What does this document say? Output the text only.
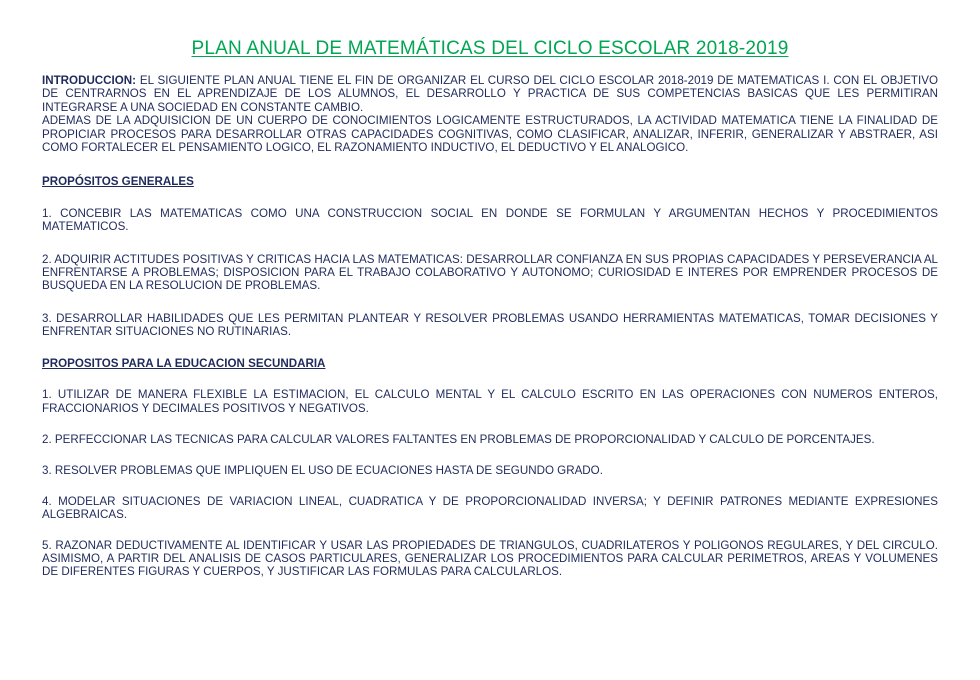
PLAN ANUAL DE MATEMÁTICAS DEL CICLO ESCOLAR 2018-2019
INTRODUCCION: EL SIGUIENTE PLAN ANUAL TIENE EL FIN DE ORGANIZAR EL CURSO DEL CICLO ESCOLAR 2018-2019 DE MATEMATICAS I. CON EL OBJETIVO DE CENTRARNOS EN EL APRENDIZAJE DE LOS ALUMNOS, EL DESARROLLO Y PRACTICA DE SUS COMPETENCIAS BASICAS QUE LES PERMITIRAN INTEGRARSE A UNA SOCIEDAD EN CONSTANTE CAMBIO.
ADEMAS DE LA ADQUISICION DE UN CUERPO DE CONOCIMIENTOS LOGICAMENTE ESTRUCTURADOS, LA ACTIVIDAD MATEMATICA TIENE LA FINALIDAD DE PROPICIAR PROCESOS PARA DESARROLLAR OTRAS CAPACIDADES COGNITIVAS, COMO CLASIFICAR, ANALIZAR, INFERIR, GENERALIZAR Y ABSTRAER, ASI COMO FORTALECER EL PENSAMIENTO LOGICO, EL RAZONAMIENTO INDUCTIVO, EL DEDUCTIVO Y EL ANALOGICO.
PROPÓSITOS GENERALES
1. CONCEBIR LAS MATEMATICAS COMO UNA CONSTRUCCION SOCIAL EN DONDE SE FORMULAN Y ARGUMENTAN HECHOS Y PROCEDIMIENTOS MATEMATICOS.
2. ADQUIRIR ACTITUDES POSITIVAS Y CRITICAS HACIA LAS MATEMATICAS: DESARROLLAR CONFIANZA EN SUS PROPIAS CAPACIDADES Y PERSEVERANCIA AL ENFRENTARSE A PROBLEMAS; DISPOSICION PARA EL TRABAJO COLABORATIVO Y AUTONOMO; CURIOSIDAD E INTERES POR EMPRENDER PROCESOS DE BUSQUEDA EN LA RESOLUCION DE PROBLEMAS.
3. DESARROLLAR HABILIDADES QUE LES PERMITAN PLANTEAR Y RESOLVER PROBLEMAS USANDO HERRAMIENTAS MATEMATICAS, TOMAR DECISIONES Y ENFRENTAR SITUACIONES NO RUTINARIAS.
PROPOSITOS PARA LA EDUCACION SECUNDARIA
1. UTILIZAR DE MANERA FLEXIBLE LA ESTIMACION, EL CALCULO MENTAL Y EL CALCULO ESCRITO EN LAS OPERACIONES CON NUMEROS ENTEROS, FRACCIONARIOS Y DECIMALES POSITIVOS Y NEGATIVOS.
2. PERFECCIONAR LAS TECNICAS PARA CALCULAR VALORES FALTANTES EN PROBLEMAS DE PROPORCIONALIDAD Y CALCULO DE PORCENTAJES.
3. RESOLVER PROBLEMAS QUE IMPLIQUEN EL USO DE ECUACIONES HASTA DE SEGUNDO GRADO.
4. MODELAR SITUACIONES DE VARIACION LINEAL, CUADRATICA Y DE PROPORCIONALIDAD INVERSA; Y DEFINIR PATRONES MEDIANTE EXPRESIONES ALGEBRAICAS.
5. RAZONAR DEDUCTIVAMENTE AL IDENTIFICAR Y USAR LAS PROPIEDADES DE TRIANGULOS, CUADRILATEROS Y POLIGONOS REGULARES, Y DEL CIRCULO. ASIMISMO, A PARTIR DEL ANALISIS DE CASOS PARTICULARES, GENERALIZAR LOS PROCEDIMIENTOS PARA CALCULAR PERIMETROS, AREAS Y VOLUMENES DE DIFERENTES FIGURAS Y CUERPOS, Y JUSTIFICAR LAS FORMULAS PARA CALCULARLOS.
